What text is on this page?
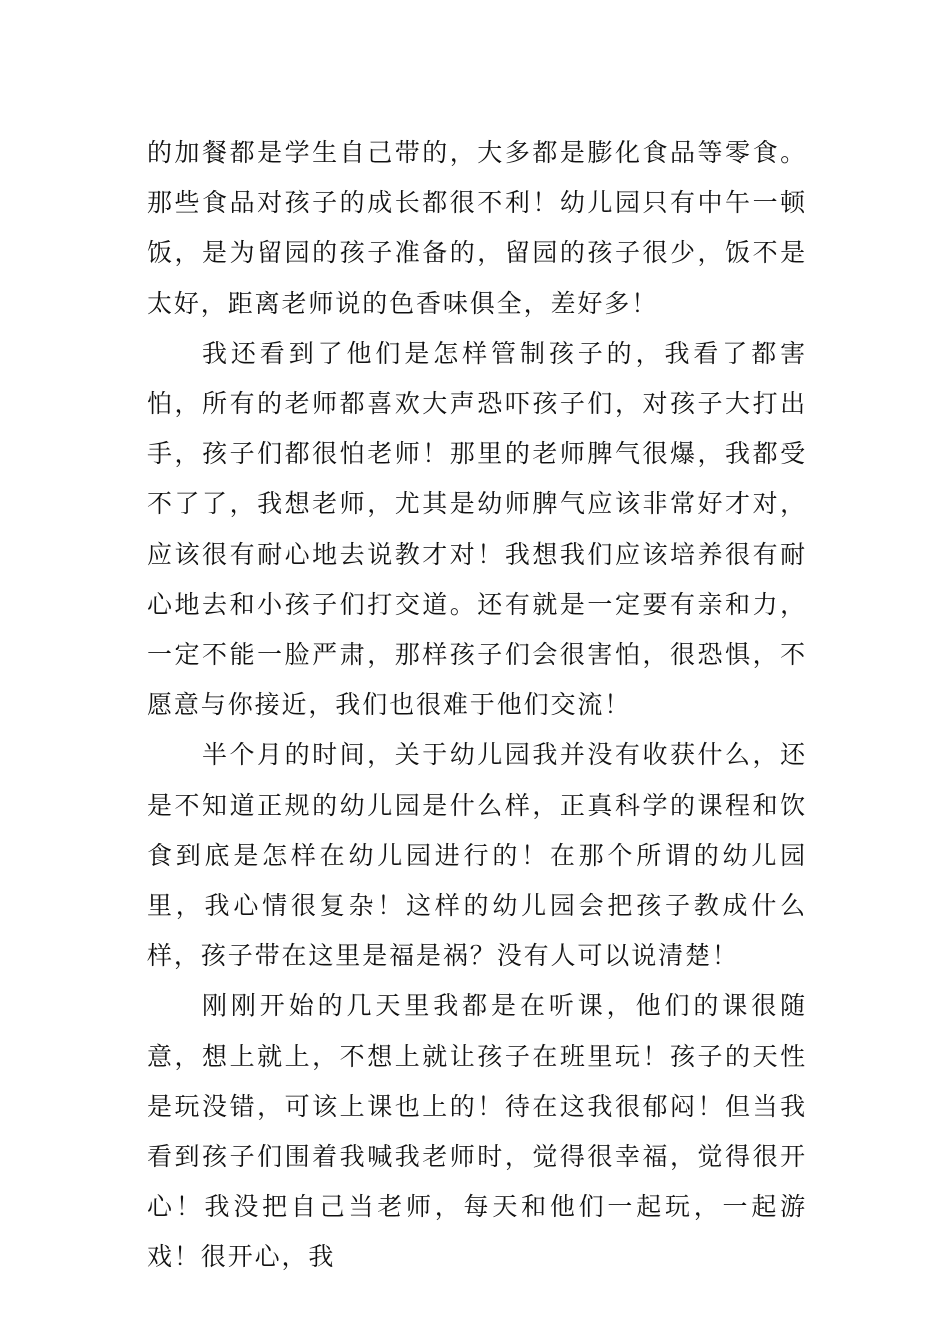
的加餐都是学生自己带的，大多都是膨化食品等零食。那些食品对孩子的成长都很不利！幼儿园只有中午一顿饭，是为留园的孩子准备的，留园的孩子很少，饭不是太好，距离老师说的色香味俱全，差好多！

我还看到了他们是怎样管制孩子的，我看了都害怕，所有的老师都喜欢大声恐吓孩子们，对孩子大打出手，孩子们都很怕老师！那里的老师脾气很爆，我都受不了了，我想老师，尤其是幼师脾气应该非常好才对，应该很有耐心地去说教才对！我想我们应该培养很有耐心地去和小孩子们打交道。还有就是一定要有亲和力，一定不能一脸严肃，那样孩子们会很害怕，很恐惧，不愿意与你接近，我们也很难于他们交流！

半个月的时间，关于幼儿园我并没有收获什么，还是不知道正规的幼儿园是什么样，正真科学的课程和饮食到底是怎样在幼儿园进行的！在那个所谓的幼儿园里，我心情很复杂！这样的幼儿园会把孩子教成什么样，孩子带在这里是福是祸？没有人可以说清楚！

刚刚开始的几天里我都是在听课，他们的课很随意，想上就上，不想上就让孩子在班里玩！孩子的天性是玩没错，可该上课也上的！待在这我很郁闷！但当我看到孩子们围着我喊我老师时，觉得很幸福，觉得很开心！我没把自己当老师，每天和他们一起玩，一起游戏！很开心，我
